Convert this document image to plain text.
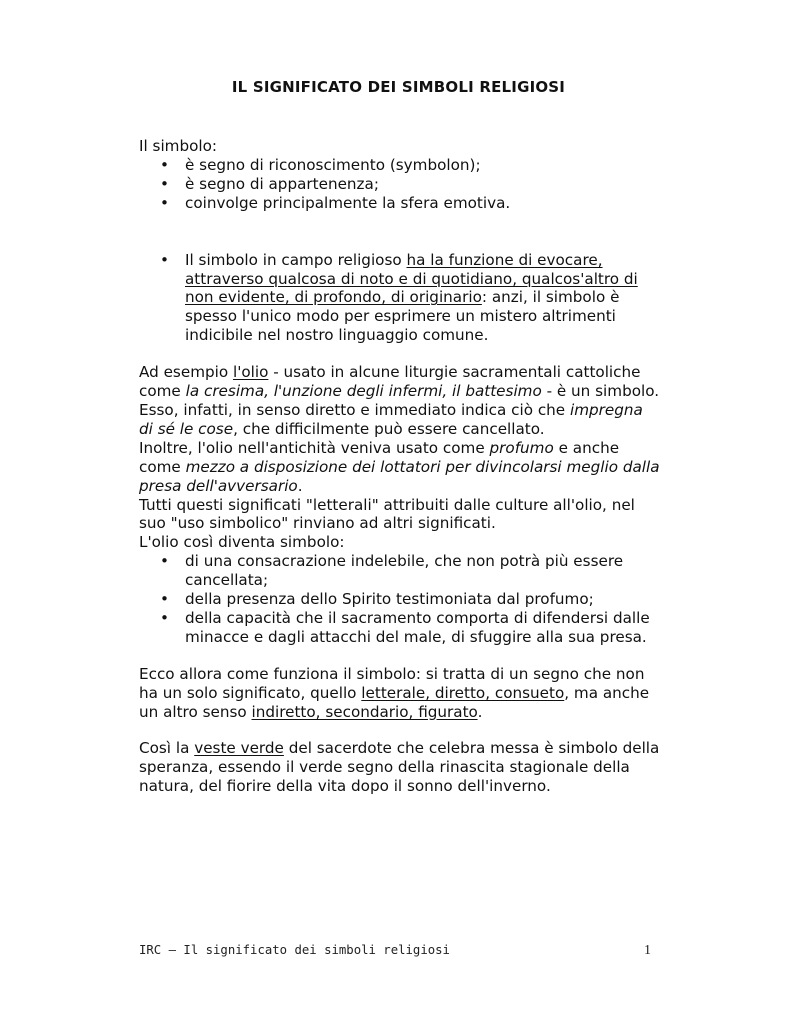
IL SIGNIFICATO DEI SIMBOLI RELIGIOSI

Il simbolo:

• è segno di riconoscimento (symbolon);
• è segno di appartenenza;
• coinvolge principalmente la sfera emotiva.
• Il simbolo in campo religioso ha la funzione di evocare, attraverso qualcosa di noto e di quotidiano, qualcos'altro di non evidente, di profondo, di originario: anzi, il simbolo è spesso l'unico modo per esprimere un mistero altrimenti indicibile nel nostro linguaggio comune.

Ad esempio l'olio - usato in alcune liturgie sacramentali cattoliche come la cresima, l'unzione degli infermi, il battesimo - è un simbolo.

Esso, infatti, in senso diretto e immediato indica ciò che impregna di sé le cose, che difficilmente può essere cancellato.

Inoltre, l'olio nell'antichità veniva usato come profumo e anche come mezzo a disposizione dei lottatori per divincolarsi meglio dalla presa dell'avversario.

Tutti questi significati "letterali" attribuiti dalle culture all'olio, nel suo "uso simbolico" rinviano ad altri significati.

L'olio così diventa simbolo:

• di una consacrazione indelebile, che non potrà più essere cancellata;
• della presenza dello Spirito testimoniata dal profumo;
• della capacità che il sacramento comporta di difendersi dalle minacce e dagli attacchi del male, di sfuggire alla sua presa.

Ecco allora come funziona il simbolo: si tratta di un segno che non ha un solo significato, quello letterale, diretto, consueto, ma anche un altro senso indiretto, secondario, figurato.

Così la veste verde del sacerdote che celebra messa è simbolo della speranza, essendo il verde segno della rinascita stagionale della natura, del fiorire della vita dopo il sonno dell'inverno.

IRC – Il significato dei simboli religiosi	1
